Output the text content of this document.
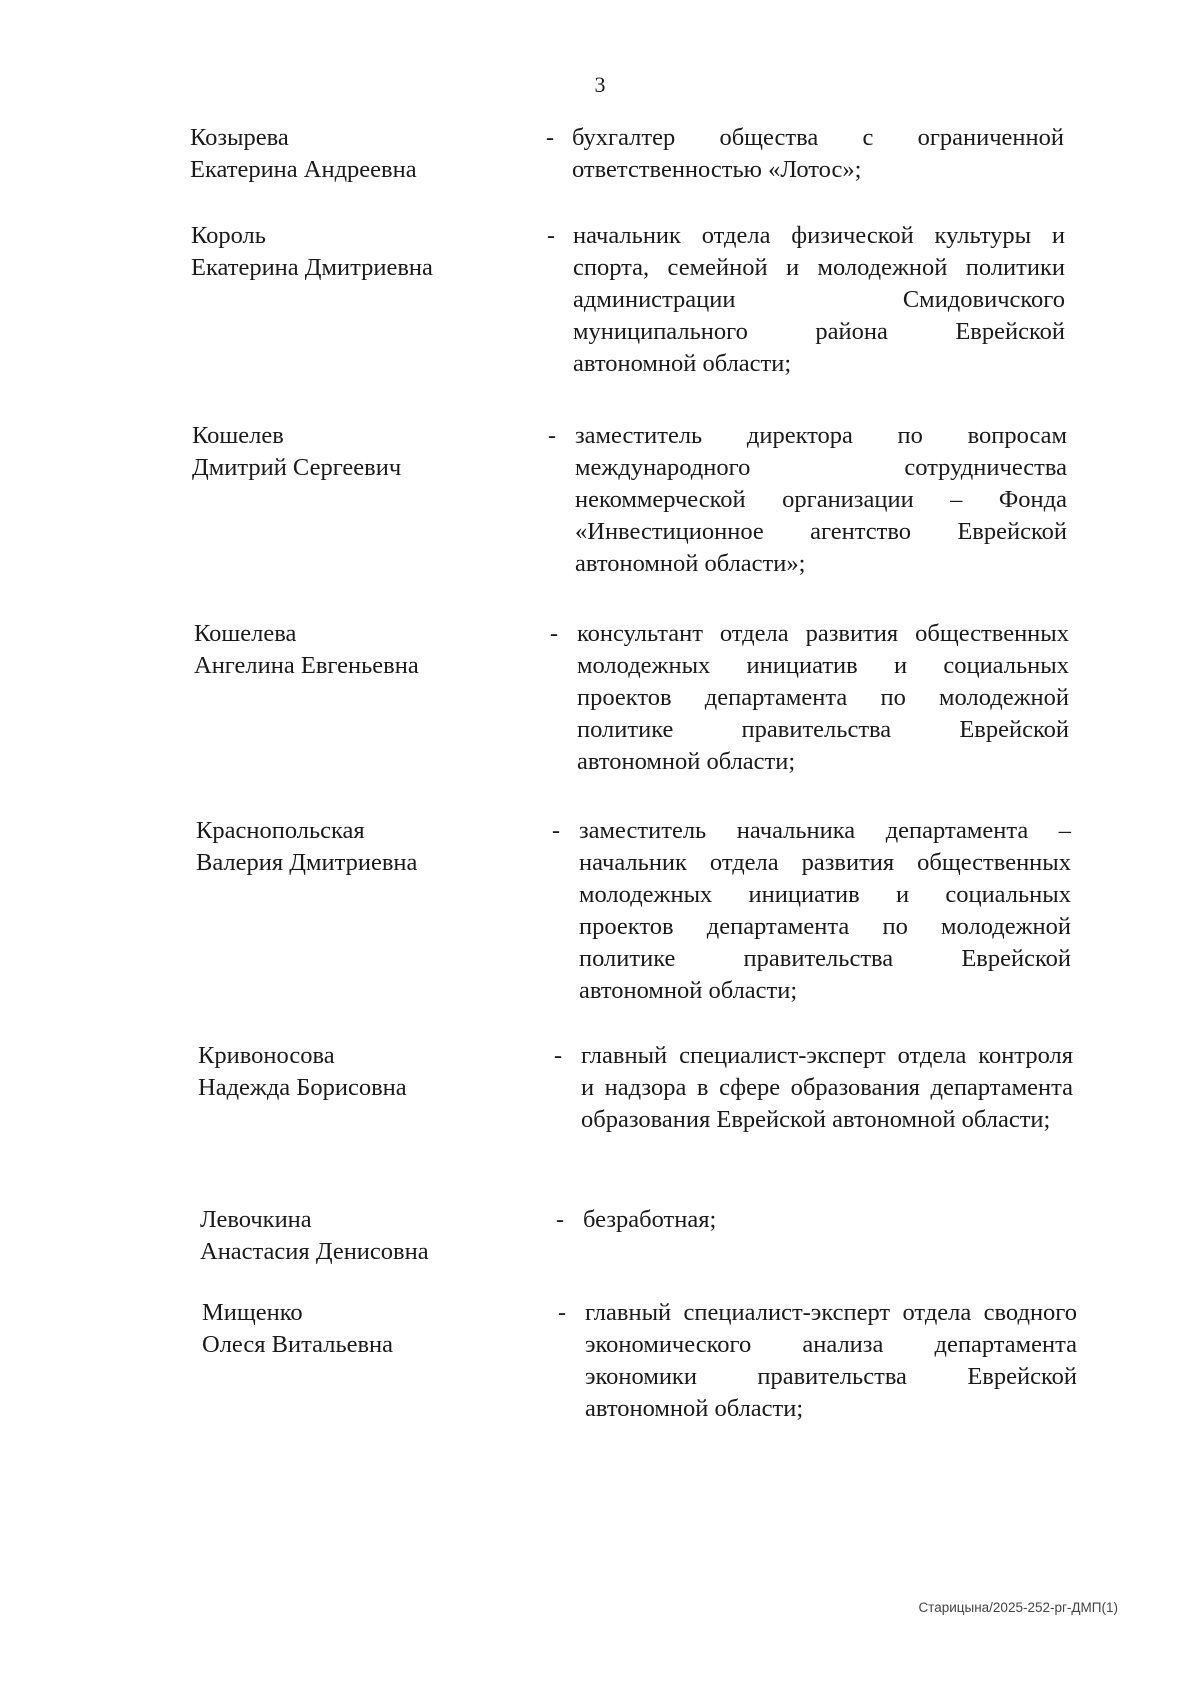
3
Козырева
Екатерина Андреевна
- бухгалтер общества с ограниченной ответственностью «Лотос»;
Король
Екатерина Дмитриевна
- начальник отдела физической культуры и спорта, семейной и молодежной политики администрации Смидовичского муниципального района Еврейской автономной области;
Кошелев
Дмитрий Сергеевич
- заместитель директора по вопросам международного сотрудничества некоммерческой организации – Фонда «Инвестиционное агентство Еврейской автономной области»;
Кошелева
Ангелина Евгеньевна
- консультант отдела развития общественных молодежных инициатив и социальных проектов департамента по молодежной политике правительства Еврейской автономной области;
Краснопольская
Валерия Дмитриевна
- заместитель начальника департамента – начальник отдела развития общественных молодежных инициатив и социальных проектов департамента по молодежной политике правительства Еврейской автономной области;
Кривоносова
Надежда Борисовна
- главный специалист-эксперт отдела контроля и надзора в сфере образования департамента образования Еврейской автономной области;
Левочкина
Анастасия Денисовна
- безработная;
Мищенко
Олеся Витальевна
- главный специалист-эксперт отдела сводного экономического анализа департамента экономики правительства Еврейской автономной области;
Старицына/2025-252-рг-ДМП(1)
